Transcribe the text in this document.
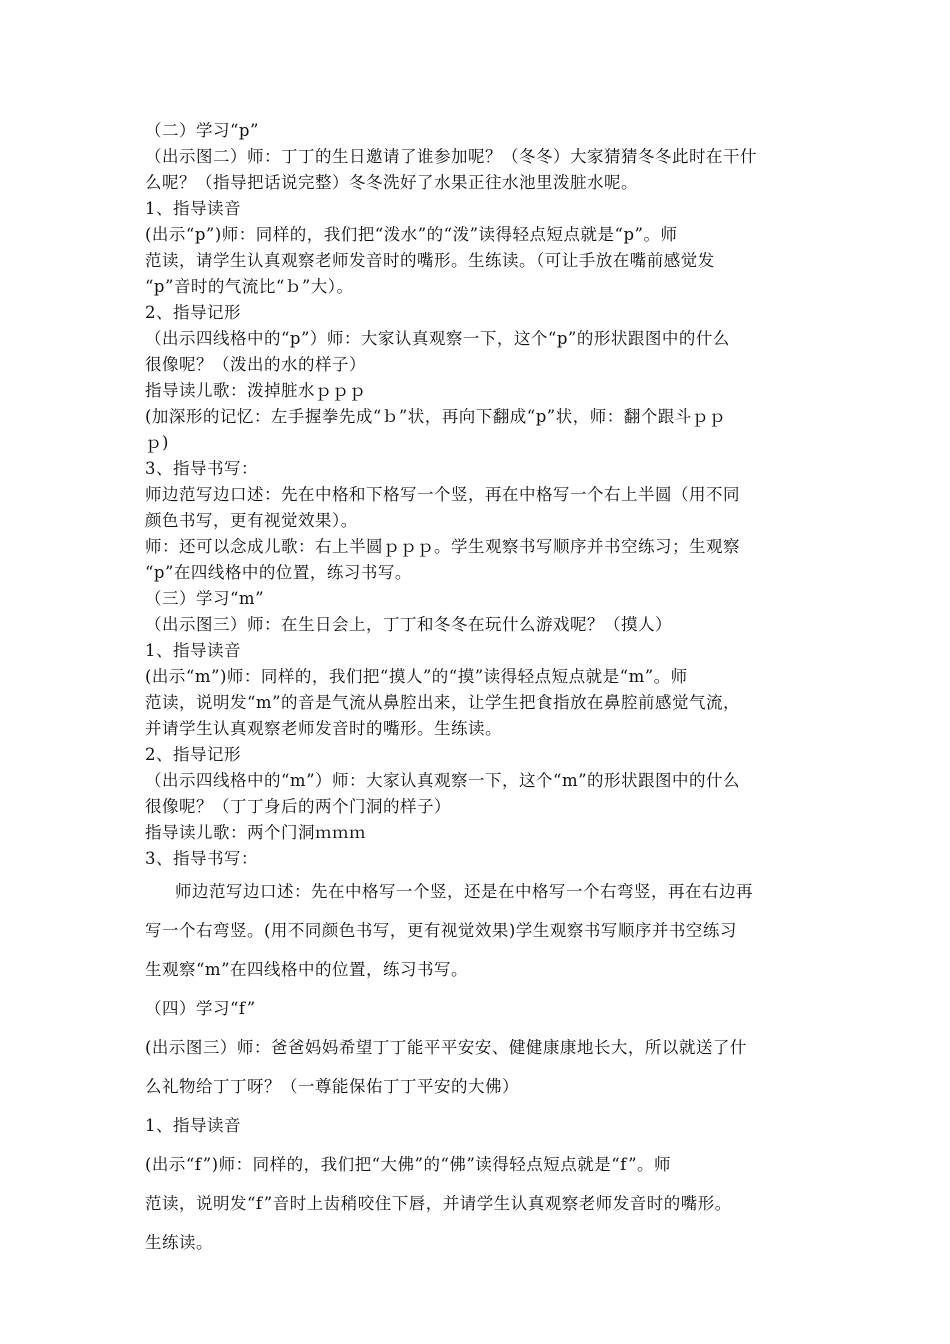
（二）学习“p”
（出示图二）师：丁丁的生日邀请了谁参加呢？（冬冬）大家猜猜冬冬此时在干什
么呢？（指导把话说完整）冬冬洗好了水果正往水池里泼脏水呢。
1、指导读音
(出示“p”)师：同样的，我们把“泼水”的“泼”读得轻点短点就是“p”。师
范读，请学生认真观察老师发音时的嘴形。生练读。（可让手放在嘴前感觉发
“p”音时的气流比“ｂ”大）。
2、指导记形
（出示四线格中的“p”）师：大家认真观察一下，这个“p”的形状跟图中的什么
很像呢？（泼出的水的样子）
指导读儿歌：泼掉脏水ｐｐｐ
(加深形的记忆：左手握拳先成“ｂ”状，再向下翻成“p”状，师：翻个跟斗ｐｐ
ｐ)
3、指导书写：
师边范写边口述：先在中格和下格写一个竖，再在中格写一个右上半圆（用不同
颜色书写，更有视觉效果）。
师：还可以念成儿歌：右上半圆ｐｐｐ。学生观察书写顺序并书空练习；生观察
“p”在四线格中的位置，练习书写。
（三）学习“m”
（出示图三）师：在生日会上，丁丁和冬冬在玩什么游戏呢？（摸人）
1、指导读音
(出示“m”)师：同样的，我们把“摸人”的“摸”读得轻点短点就是“m”。师
范读，说明发“m”的音是气流从鼻腔出来，让学生把食指放在鼻腔前感觉气流，
并请学生认真观察老师发音时的嘴形。生练读。
2、指导记形
（出示四线格中的“m”）师：大家认真观察一下，这个“m”的形状跟图中的什么
很像呢？（丁丁身后的两个门洞的样子）
指导读儿歌：两个门洞ｍｍｍ
3、指导书写：
师边范写边口述：先在中格写一个竖，还是在中格写一个右弯竖，再在右边再
写一个右弯竖。(用不同颜色书写，更有视觉效果)学生观察书写顺序并书空练习
生观察“m”在四线格中的位置，练习书写。
（四）学习“f”
(出示图三）师：爸爸妈妈希望丁丁能平平安安、健健康康地长大，所以就送了什
么礼物给丁丁呀？（一尊能保佑丁丁平安的大佛）
1、指导读音
(出示“f”)师：同样的，我们把“大佛”的“佛”读得轻点短点就是“f”。师
范读，说明发“f”音时上齿稍咬住下唇，并请学生认真观察老师发音时的嘴形。
生练读。
